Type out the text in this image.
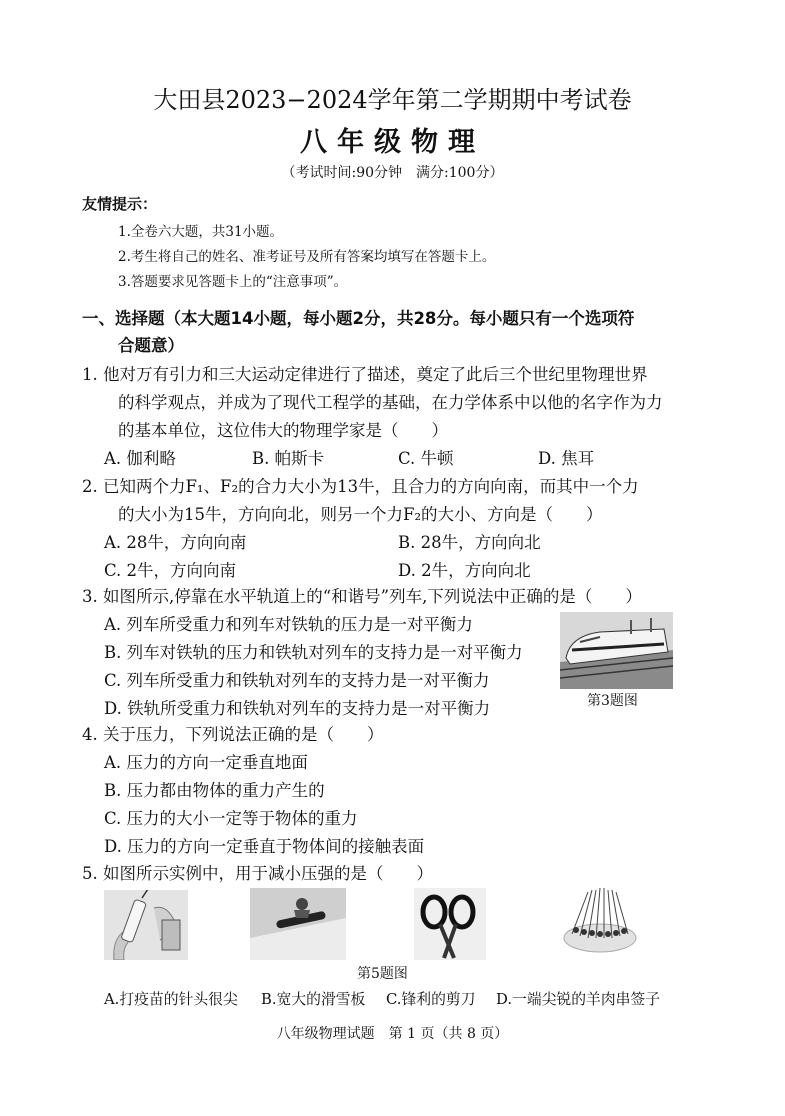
大田县2023−2024学年第二学期期中考试卷
八年级物理
（考试时间:90分钟　满分:100分）
友情提示：
1.全卷六大题，共31小题。
2.考生将自己的姓名、准考证号及所有答案均填写在答题卡上。
3.答题要求见答题卡上的“注意事项”。
一、选择题（本大题14小题，每小题2分，共28分。每小题只有一个选项符
合题意）
1. 他对万有引力和三大运动定律进行了描述，奠定了此后三个世纪里物理世界
的科学观点，并成为了现代工程学的基础，在力学体系中以他的名字作为力
的基本单位，这位伟大的物理学家是（　　）
A. 伽利略	B. 帕斯卡	C. 牛顿	D. 焦耳
2. 已知两个力F₁、F₂的合力大小为13牛，且合力的方向向南，而其中一个力
的大小为15牛，方向向北，则另一个力F₂的大小、方向是（　　）
A. 28牛，方向向南	B. 28牛，方向向北
C. 2牛，方向向南	D. 2牛，方向向北
3. 如图所示,停靠在水平轨道上的“和谐号”列车,下列说法中正确的是（　　）
A. 列车所受重力和列车对铁轨的压力是一对平衡力
B. 列车对铁轨的压力和铁轨对列车的支持力是一对平衡力
C. 列车所受重力和铁轨对列车的支持力是一对平衡力
D. 铁轨所受重力和铁轨对列车的支持力是一对平衡力	第3题图
4. 关于压力，下列说法正确的是（　　）
A. 压力的方向一定垂直地面
B. 压力都由物体的重力产生的
C. 压力的大小一定等于物体的重力
D. 压力的方向一定垂直于物体间的接触表面
5. 如图所示实例中，用于减小压强的是（　　）
第5题图
A.打疫苗的针头很尖 B.宽大的滑雪板 C.锋利的剪刀 D.一端尖锐的羊肉串签子
八年级物理试题　第 1 页（共 8 页）
